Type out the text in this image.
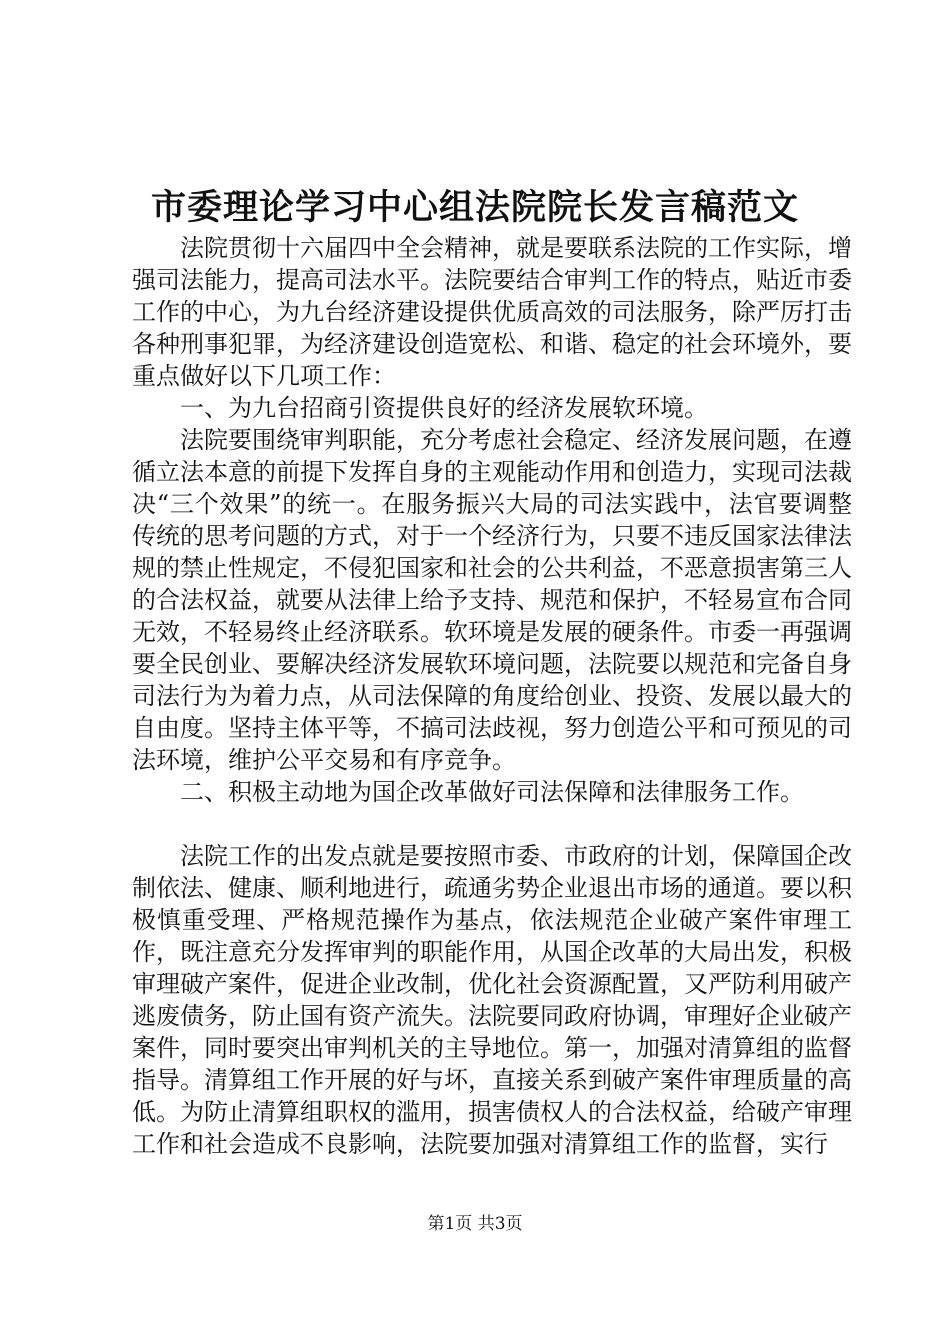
市委理论学习中心组法院院长发言稿范文

法院贯彻十六届四中全会精神，就是要联系法院的工作实际，增强司法能力，提高司法水平。法院要结合审判工作的特点，贴近市委工作的中心，为九台经济建设提供优质高效的司法服务，除严厉打击各种刑事犯罪，为经济建设创造宽松、和谐、稳定的社会环境外，要重点做好以下几项工作：

一、为九台招商引资提供良好的经济发展软环境。

法院要围绕审判职能，充分考虑社会稳定、经济发展问题，在遵循立法本意的前提下发挥自身的主观能动作用和创造力，实现司法裁决“三个效果”的统一。在服务振兴大局的司法实践中，法官要调整传统的思考问题的方式，对于一个经济行为，只要不违反国家法律法规的禁止性规定，不侵犯国家和社会的公共利益，不恶意损害第三人的合法权益，就要从法律上给予支持、规范和保护，不轻易宣布合同无效，不轻易终止经济联系。软环境是发展的硬条件。市委一再强调要全民创业、要解决经济发展软环境问题，法院要以规范和完备自身司法行为为着力点，从司法保障的角度给创业、投资、发展以最大的自由度。坚持主体平等，不搞司法歧视，努力创造公平和可预见的司法环境，维护公平交易和有序竞争。

二、积极主动地为国企改革做好司法保障和法律服务工作。

法院工作的出发点就是要按照市委、市政府的计划，保障国企改制依法、健康、顺利地进行，疏通劣势企业退出市场的通道。要以积极慎重受理、严格规范操作为基点，依法规范企业破产案件审理工作，既注意充分发挥审判的职能作用，从国企改革的大局出发，积极审理破产案件，促进企业改制，优化社会资源配置，又严防利用破产逃废债务，防止国有资产流失。法院要同政府协调，审理好企业破产案件，同时要突出审判机关的主导地位。第一，加强对清算组的监督指导。清算组工作开展的好与坏，直接关系到破产案件审理质量的高低。为防止清算组职权的滥用，损害债权人的合法权益，给破产审理工作和社会造成不良影响，法院要加强对清算组工作的监督，实行

第1页 共3页
